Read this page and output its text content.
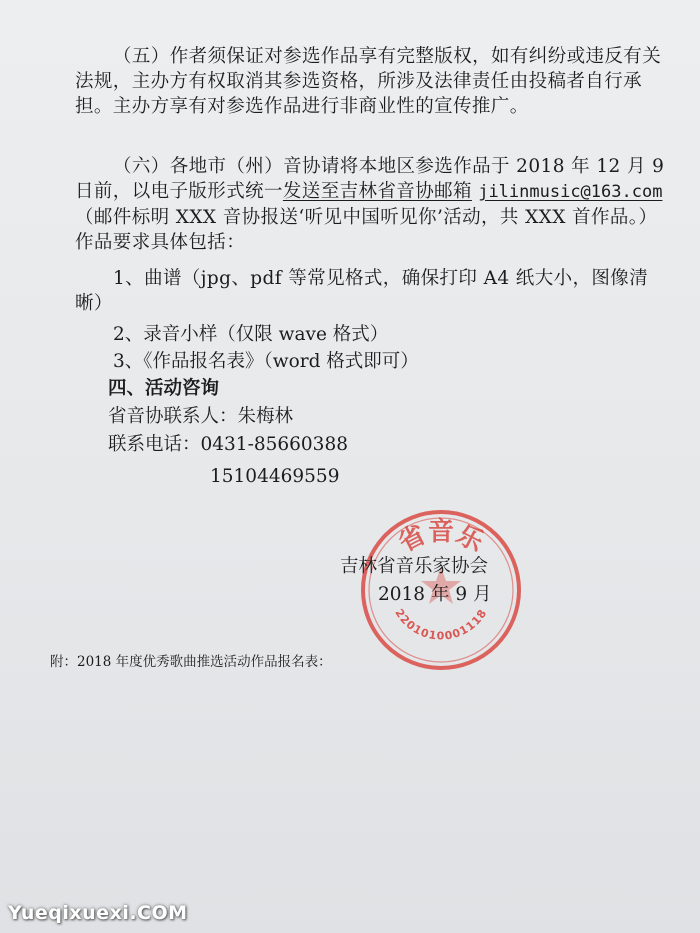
（五）作者须保证对参选作品享有完整版权，如有纠纷或违反有关法规，主办方有权取消其参选资格，所涉及法律责任由投稿者自行承担。主办方享有对参选作品进行非商业性的宣传推广。
（六）各地市（州）音协请将本地区参选作品于 2018 年 12 月 9 日前，以电子版形式统一发送至吉林省音协邮箱 jilinmusic@163.com（邮件标明 XXX 音协报送‘听见中国听见你’活动，共 XXX 首作品。）作品要求具体包括：
1、曲谱（jpg、pdf 等常见格式，确保打印 A4 纸大小，图像清晰）
2、录音小样（仅限 wave 格式）
3、《作品报名表》（word 格式即可）
四、活动咨询
省音协联系人：朱梅林
联系电话：0431-85660388
15104469559
省音乐
2201010001118
吉林省音乐家协会
2018 年 9 月
附：2018 年度优秀歌曲推选活动作品报名表：
Yueqixuexi.COM
